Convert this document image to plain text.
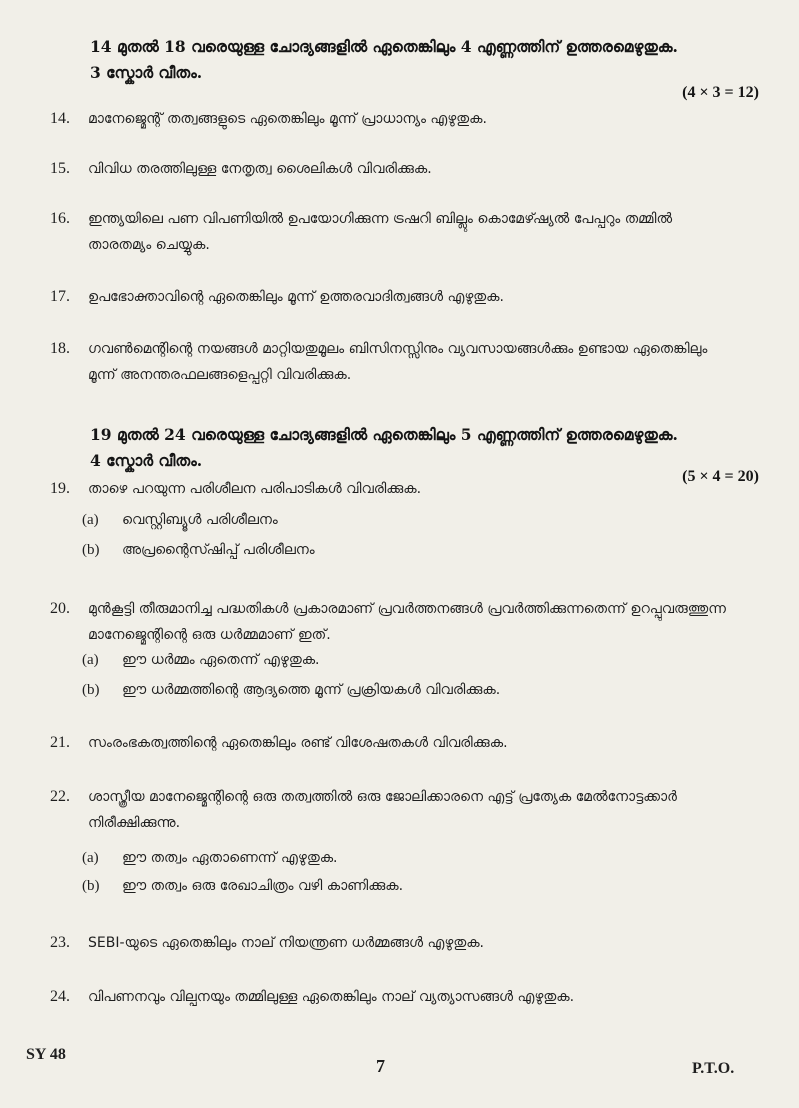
14 മുതൽ 18 വരെയുള്ള ചോദ്യങ്ങളിൽ ഏതെങ്കിലും 4 എണ്ണത്തിന് ഉത്തരമെഴുതുക.
3 സ്കോർ വീതം.
(4 × 3 = 12)
14. മാനേജ്മെന്റ് തത്വങ്ങളുടെ ഏതെങ്കിലും മൂന്ന് പ്രാധാന്യം എഴുതുക.
15. വിവിധ തരത്തിലുള്ള നേതൃത്വ ശൈലികൾ വിവരിക്കുക.
16. ഇന്ത്യയിലെ പണ വിപണിയിൽ ഉപയോഗിക്കുന്ന ട്രഷറി ബില്ലും കൊമേഴ്ഷ്യൽ പേപ്പറും തമ്മിൽ താരതമ്യം ചെയ്യുക.
17. ഉപഭോക്താവിന്റെ ഏതെങ്കിലും മൂന്ന് ഉത്തരവാദിത്വങ്ങൾ എഴുതുക.
18. ഗവൺമെന്റിന്റെ നയങ്ങൾ മാറ്റിയതുമൂലം ബിസിനസ്സിനും വ്യവസായങ്ങൾക്കും ഉണ്ടായ ഏതെങ്കിലും മൂന്ന് അനന്തരഫലങ്ങളെപ്പറ്റി വിവരിക്കുക.
19 മുതൽ 24 വരെയുള്ള ചോദ്യങ്ങളിൽ ഏതെങ്കിലും 5 എണ്ണത്തിന് ഉത്തരമെഴുതുക.
4 സ്കോർ വീതം.
(5 × 4 = 20)
19. താഴെ പറയുന്ന പരിശീലന പരിപാടികൾ വിവരിക്കുക.
(a) വെസ്റ്റിബ്യൂൾ പരിശീലനം
(b) അപ്രന്റൈസ്ഷിപ്പ് പരിശീലനം
20. മുൻകൂട്ടി തീരുമാനിച്ച പദ്ധതികൾ പ്രകാരമാണ് പ്രവർത്തനങ്ങൾ പ്രവർത്തിക്കുന്നതെന്ന് ഉറപ്പുവരുത്തുന്ന മാനേജ്മെന്റിന്റെ ഒരു ധർമ്മമാണ് ഇത്.
(a) ഈ ധർമ്മം ഏതെന്ന് എഴുതുക.
(b) ഈ ധർമ്മത്തിന്റെ ആദ്യത്തെ മൂന്ന് പ്രക്രിയകൾ വിവരിക്കുക.
21. സംരംഭകത്വത്തിന്റെ ഏതെങ്കിലും രണ്ട് വിശേഷതകൾ വിവരിക്കുക.
22. ശാസ്ത്രീയ മാനേജ്മെന്റിന്റെ ഒരു തത്വത്തിൽ ഒരു ജോലിക്കാരനെ എട്ട് പ്രത്യേക മേൽനോട്ടക്കാർ നിരീക്ഷിക്കുന്നു.
(a) ഈ തത്വം ഏതാണെന്ന് എഴുതുക.
(b) ഈ തത്വം ഒരു രേഖാചിത്രം വഴി കാണിക്കുക.
23. SEBI-യുടെ ഏതെങ്കിലും നാല് നിയന്ത്രണ ധർമ്മങ്ങൾ എഴുതുക.
24. വിപണനവും വില്പനയും തമ്മിലുള്ള ഏതെങ്കിലും നാല് വ്യത്യാസങ്ങൾ എഴുതുക.
SY 48
7	P.T.O.
